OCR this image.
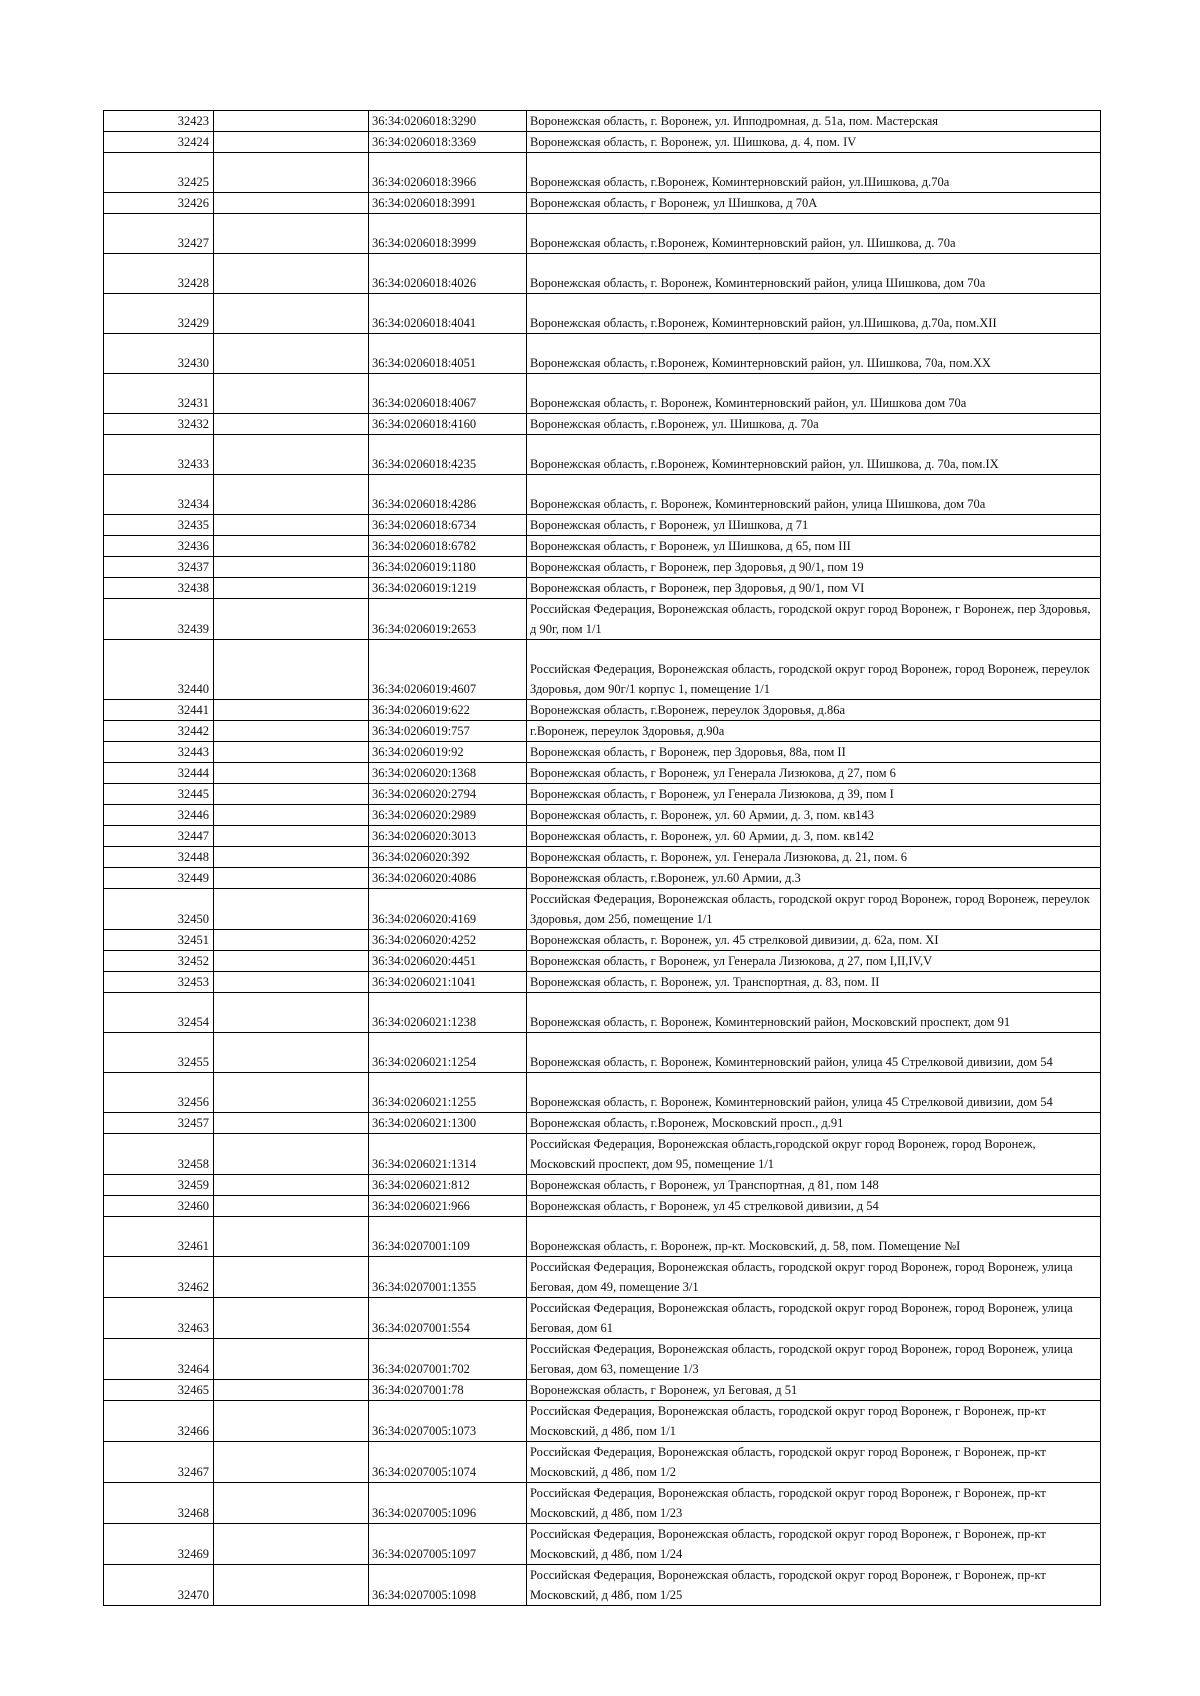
32423		36:34:0206018:3290	Воронежская область, г. Воронеж, ул. Ипподромная, д. 51а, пом. Мастерская
32424		36:34:0206018:3369	Воронежская область, г. Воронеж, ул. Шишкова, д. 4, пом. IV
32425		36:34:0206018:3966	Воронежская область, г.Воронеж, Коминтерновский район, ул.Шишкова, д.70а
32426		36:34:0206018:3991	Воронежская область, г Воронеж, ул Шишкова, д 70А
32427		36:34:0206018:3999	Воронежская область, г.Воронеж, Коминтерновский район, ул. Шишкова, д. 70а
32428		36:34:0206018:4026	Воронежская область, г. Воронеж, Коминтерновский район, улица Шишкова, дом 70а
32429		36:34:0206018:4041	Воронежская область, г.Воронеж, Коминтерновский район, ул.Шишкова, д.70а, пом.XII
32430		36:34:0206018:4051	Воронежская область, г.Воронеж, Коминтерновский район, ул. Шишкова, 70а, пом.XX
32431		36:34:0206018:4067	Воронежская область, г. Воронеж, Коминтерновский район, ул. Шишкова дом 70а
32432		36:34:0206018:4160	Воронежская область, г.Воронеж, ул. Шишкова, д. 70а
32433		36:34:0206018:4235	Воронежская область, г.Воронеж, Коминтерновский район, ул. Шишкова, д. 70а, пом.IX
32434		36:34:0206018:4286	Воронежская область, г. Воронеж, Коминтерновский район, улица Шишкова, дом 70а
32435		36:34:0206018:6734	Воронежская область, г Воронеж, ул Шишкова, д 71
32436		36:34:0206018:6782	Воронежская область, г Воронеж, ул Шишкова, д 65, пом III
32437		36:34:0206019:1180	Воронежская область, г Воронеж, пер Здоровья, д 90/1, пом 19
32438		36:34:0206019:1219	Воронежская область, г Воронеж, пер Здоровья, д 90/1, пом VI
32439		36:34:0206019:2653	Российская Федерация, Воронежская область, городской округ город Воронеж, г Воронеж, пер Здоровья, д 90г, пом 1/1
32440		36:34:0206019:4607	Российская Федерация, Воронежская область, городской округ город Воронеж, город Воронеж, переулок Здоровья, дом 90г/1 корпус 1, помещение 1/1
32441		36:34:0206019:622	Воронежская область, г.Воронеж, переулок Здоровья, д.86а
32442		36:34:0206019:757	г.Воронеж, переулок Здоровья, д.90а
32443		36:34:0206019:92	Воронежская область, г Воронеж, пер Здоровья, 88а, пом II
32444		36:34:0206020:1368	Воронежская область, г Воронеж, ул Генерала Лизюкова, д 27, пом 6
32445		36:34:0206020:2794	Воронежская область, г Воронеж, ул Генерала Лизюкова, д 39, пом I
32446		36:34:0206020:2989	Воронежская область, г. Воронеж, ул. 60 Армии, д. 3, пом. кв143
32447		36:34:0206020:3013	Воронежская область, г. Воронеж, ул. 60 Армии, д. 3, пом. кв142
32448		36:34:0206020:392	Воронежская область, г. Воронеж, ул. Генерала Лизюкова, д. 21, пом. 6
32449		36:34:0206020:4086	Воронежская область, г.Воронеж, ул.60 Армии, д.3
32450		36:34:0206020:4169	Российская Федерация, Воронежская область, городской округ город Воронеж, город Воронеж, переулок Здоровья, дом 25б, помещение 1/1
32451		36:34:0206020:4252	Воронежская область, г. Воронеж, ул. 45 стрелковой дивизии, д. 62а, пом. XI
32452		36:34:0206020:4451	Воронежская область, г Воронеж, ул Генерала Лизюкова, д 27, пом I,II,IV,V
32453		36:34:0206021:1041	Воронежская область, г. Воронеж, ул. Транспортная, д. 83, пом. II
32454		36:34:0206021:1238	Воронежская область, г. Воронеж, Коминтерновский район, Московский проспект, дом 91
32455		36:34:0206021:1254	Воронежская область, г. Воронеж, Коминтерновский район, улица 45 Стрелковой дивизии, дом 54
32456		36:34:0206021:1255	Воронежская область, г. Воронеж, Коминтерновский район, улица 45 Стрелковой дивизии, дом 54
32457		36:34:0206021:1300	Воронежская область, г.Воронеж, Московский просп., д.91
32458		36:34:0206021:1314	Российская Федерация, Воронежская область,городской округ город Воронеж, город Воронеж, Московский проспект, дом 95, помещение 1/1
32459		36:34:0206021:812	Воронежская область, г Воронеж, ул Транспортная, д 81, пом 148
32460		36:34:0206021:966	Воронежская область, г Воронеж, ул 45 стрелковой дивизии, д 54
32461		36:34:0207001:109	Воронежская область, г. Воронеж, пр-кт. Московский, д. 58, пом. Помещение №I
32462		36:34:0207001:1355	Российская Федерация, Воронежская область, городской округ город Воронеж, город Воронеж, улица Беговая, дом 49, помещение 3/1
32463		36:34:0207001:554	Российская Федерация, Воронежская область, городской округ город Воронеж, город Воронеж, улица Беговая, дом 61
32464		36:34:0207001:702	Российская Федерация, Воронежская область, городской округ город Воронеж, город Воронеж, улица Беговая, дом 63, помещение 1/3
32465		36:34:0207001:78	Воронежская область, г Воронеж, ул Беговая, д 51
32466		36:34:0207005:1073	Российская Федерация, Воронежская область, городской округ город Воронеж, г Воронеж, пр-кт Московский, д 48б, пом 1/1
32467		36:34:0207005:1074	Российская Федерация, Воронежская область, городской округ город Воронеж, г Воронеж, пр-кт Московский, д 48б, пом 1/2
32468		36:34:0207005:1096	Российская Федерация, Воронежская область, городской округ город Воронеж, г Воронеж, пр-кт Московский, д 48б, пом 1/23
32469		36:34:0207005:1097	Российская Федерация, Воронежская область, городской округ город Воронеж, г Воронеж, пр-кт Московский, д 48б, пом 1/24
32470		36:34:0207005:1098	Российская Федерация, Воронежская область, городской округ город Воронеж, г Воронеж, пр-кт Московский, д 48б, пом 1/25
